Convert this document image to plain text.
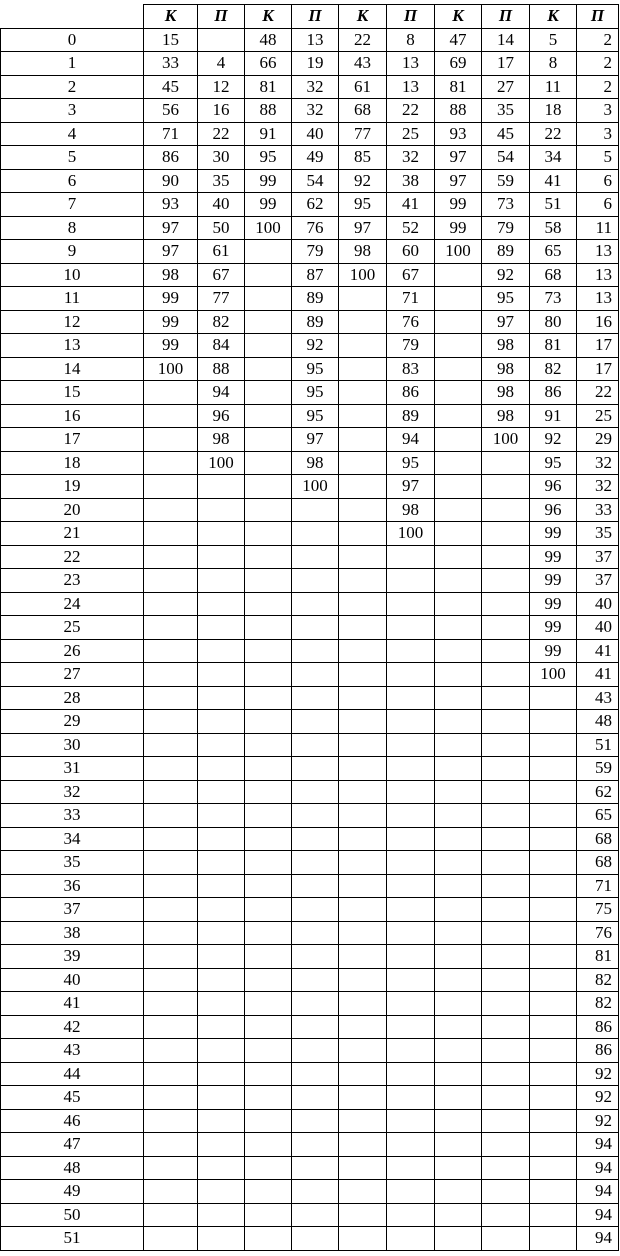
	К	П	К	П	К	П	К	П	К	П
0	15		48	13	22	8	47	14	5	2
1	33	4	66	19	43	13	69	17	8	2
2	45	12	81	32	61	13	81	27	11	2
3	56	16	88	32	68	22	88	35	18	3
4	71	22	91	40	77	25	93	45	22	3
5	86	30	95	49	85	32	97	54	34	5
6	90	35	99	54	92	38	97	59	41	6
7	93	40	99	62	95	41	99	73	51	6
8	97	50	100	76	97	52	99	79	58	11
9	97	61		79	98	60	100	89	65	13
10	98	67		87	100	67		92	68	13
11	99	77		89		71		95	73	13
12	99	82		89		76		97	80	16
13	99	84		92		79		98	81	17
14	100	88		95		83		98	82	17
15		94		95		86		98	86	22
16		96		95		89		98	91	25
17		98		97		94		100	92	29
18		100		98		95			95	32
19				100		97			96	32
20						98			96	33
21						100			99	35
22									99	37
23									99	37
24									99	40
25									99	40
26									99	41
27									100	41
28										43
29										48
30										51
31										59
32										62
33										65
34										68
35										68
36										71
37										75
38										76
39										81
40										82
41										82
42										86
43										86
44										92
45										92
46										92
47										94
48										94
49										94
50										94
51										94
